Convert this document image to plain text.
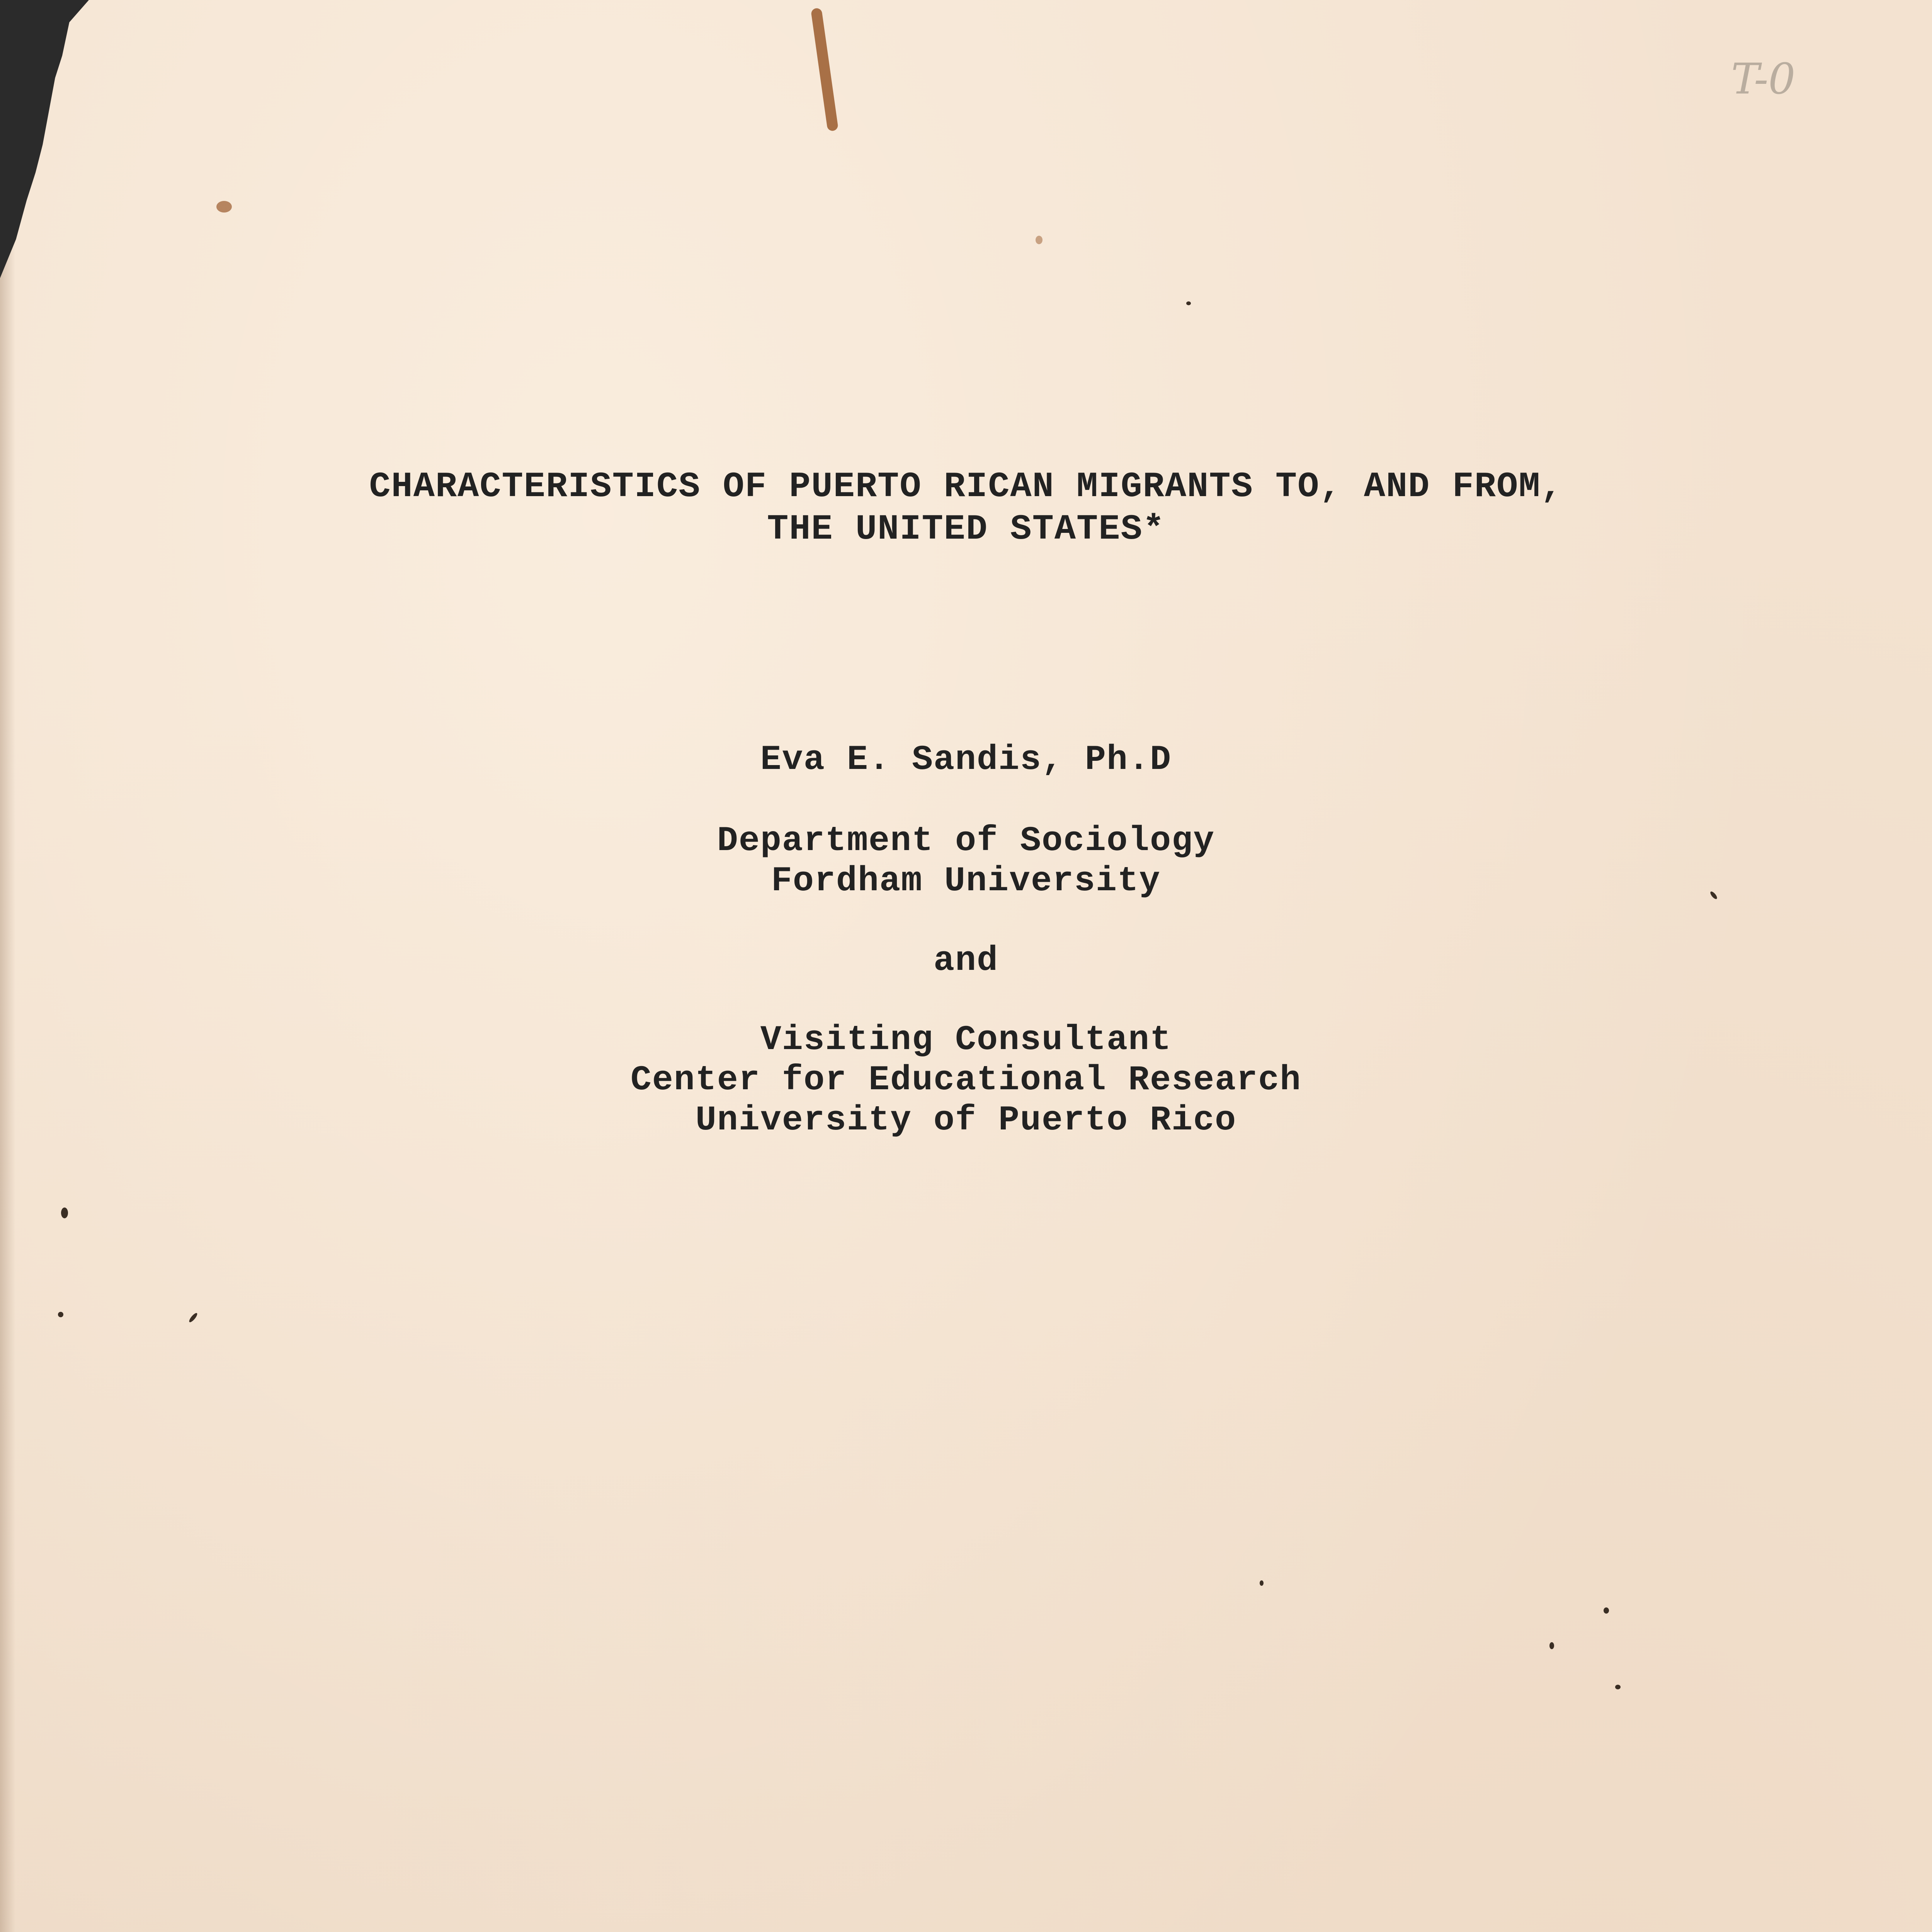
T-0
CHARACTERISTICS OF PUERTO RICAN MIGRANTS TO, AND FROM,
THE UNITED STATES*
Eva E. Sandis, Ph.D
Department of Sociology
Fordham University
and
Visiting Consultant
Center for Educational Research
University of Puerto Rico
